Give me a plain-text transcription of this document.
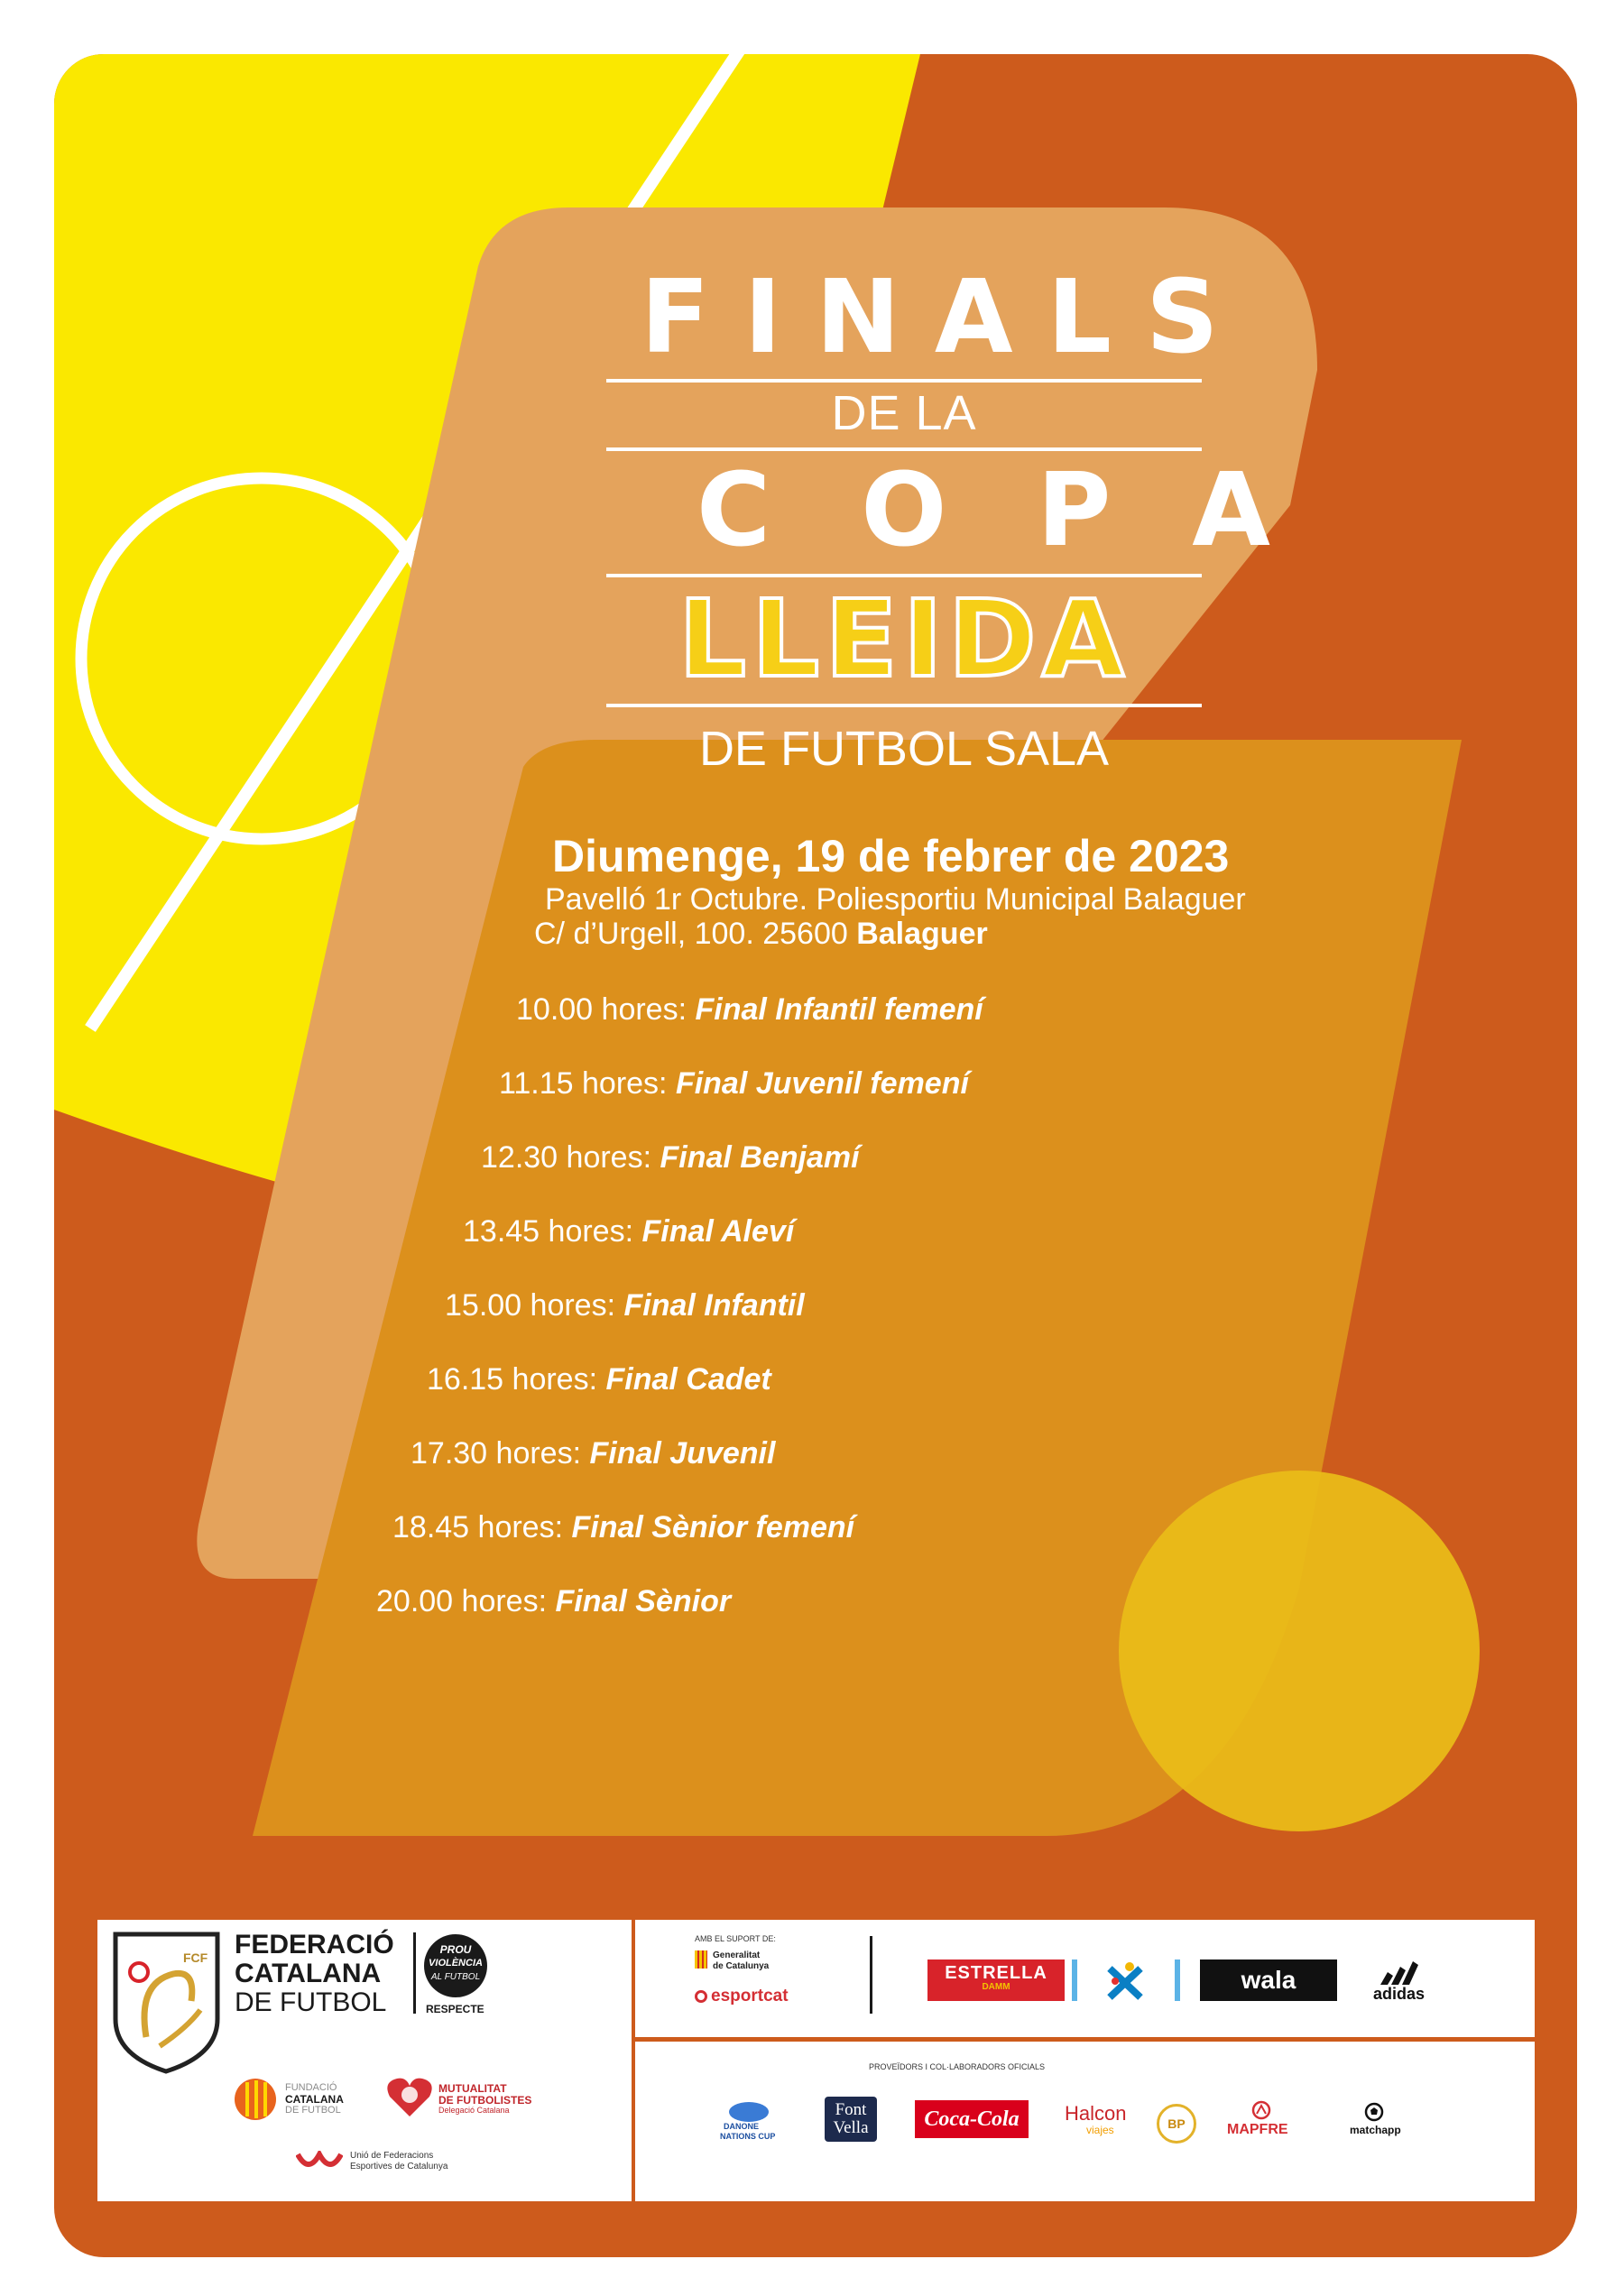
FINALS
DE LA
COPA
LLEIDA
DE FUTBOL SALA
Diumenge, 19 de febrer de 2023
Pavelló 1r Octubre. Poliesportiu Municipal Balaguer
C/ d’Urgell, 100. 25600 Balaguer
10.00 hores: Final Infantil femení
11.15 hores: Final Juvenil femení
12.30 hores: Final Benjamí
13.45 hores: Final Aleví
15.00 hores: Final Infantil
16.15 hores: Final Cadet
17.30 hores: Final Juvenil
18.45 hores: Final Sènior femení
20.00 hores: Final Sènior
FCF FEDERACIÓ
CATALANA
DE FUTBOL
PROU
VIOLÈNCIA
AL FUTBOL
RESPECTE
FUNDACIÓ
CATALANA
DE FUTBOL
MUTUALITAT
DE FUTBOLISTES
Delegació Catalana
Unió de Federacions
Esportives de Catalunya
AMB EL SUPORT DE:
Generalitat
de Catalunya
esportcat
ESTRELLA
DAMM	wala	adidas
PROVEÏDORS I COL·LABORADORS OFICIALS
DANONE
NATIONS CUP
Font
Vella	Coca-Cola	Halcon
viajes	BP	MAPFRE	matchapp
